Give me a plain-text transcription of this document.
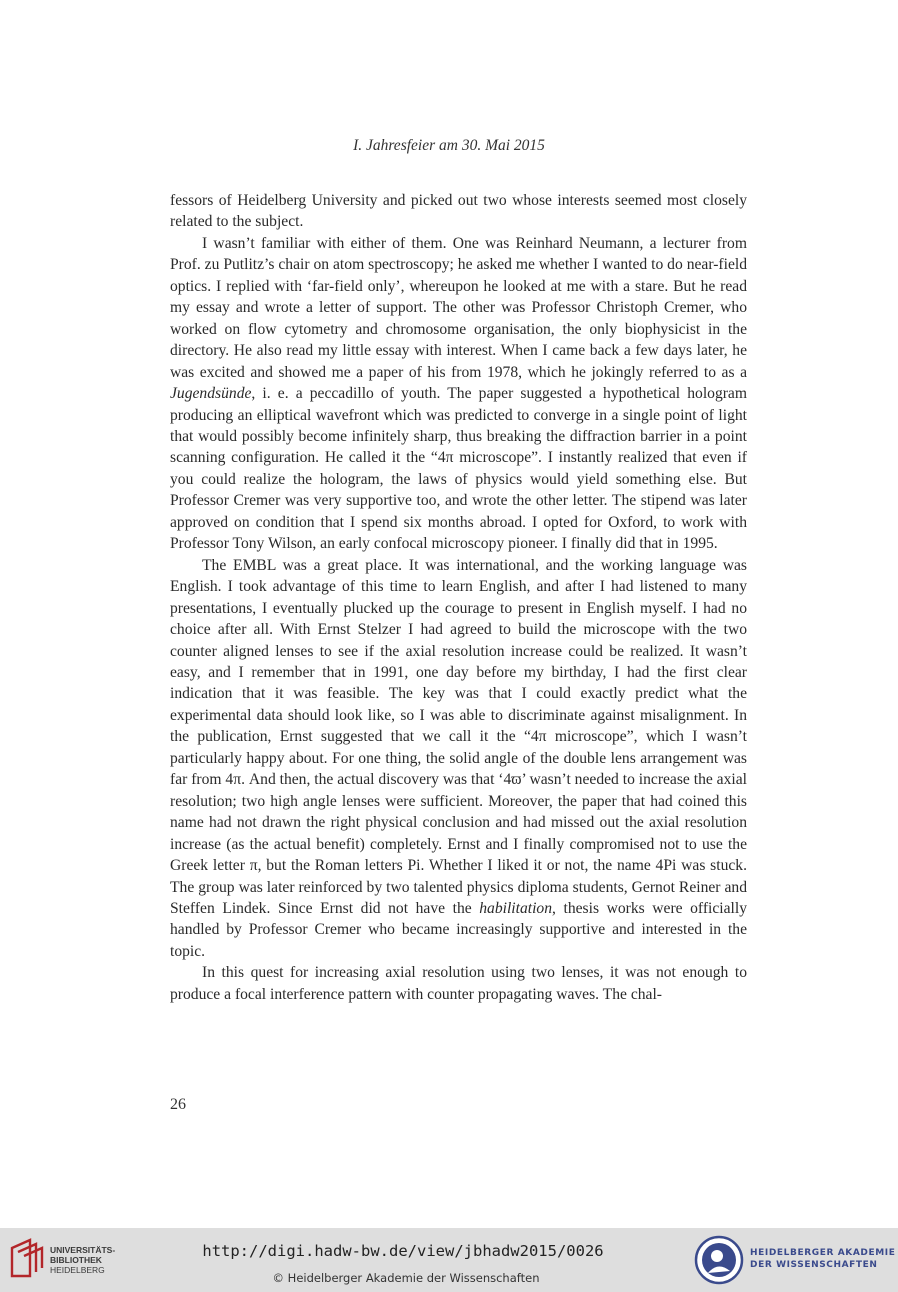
I. Jahresfeier am 30. Mai 2015

fessors of Heidelberg University and picked out two whose interests seemed most closely related to the subject.

I wasn’t familiar with either of them. One was Reinhard Neumann, a lecturer from Prof. zu Putlitz’s chair on atom spectroscopy; he asked me whether I wanted to do near-field optics. I replied with ‘far-field only’, whereupon he looked at me with a stare. But he read my essay and wrote a letter of support. The other was Professor Christoph Cremer, who worked on flow cytometry and chromosome organisation, the only biophysicist in the directory. He also read my little essay with interest. When I came back a few days later, he was excited and showed me a paper of his from 1978, which he jokingly referred to as a Jugendsünde, i. e. a peccadillo of youth. The paper suggested a hypothetical hologram producing an elliptical wavefront which was predicted to converge in a single point of light that would possibly become infinitely sharp, thus breaking the diffraction barrier in a point scanning configuration. He called it the “4π microscope”. I instantly realized that even if you could realize the hologram, the laws of physics would yield something else. But Professor Cremer was very supportive too, and wrote the other letter. The stipend was later approved on condition that I spend six months abroad. I opted for Oxford, to work with Professor Tony Wilson, an early confocal microscopy pioneer. I finally did that in 1995.

The EMBL was a great place. It was international, and the working language was English. I took advantage of this time to learn English, and after I had listened to many presentations, I eventually plucked up the courage to present in English myself. I had no choice after all. With Ernst Stelzer I had agreed to build the microscope with the two counter aligned lenses to see if the axial resolution increase could be realized. It wasn’t easy, and I remember that in 1991, one day before my birthday, I had the first clear indication that it was feasible. The key was that I could exactly predict what the experimental data should look like, so I was able to discriminate against misalignment. In the publication, Ernst suggested that we call it the “4π microscope”, which I wasn’t particularly happy about. For one thing, the solid angle of the double lens arrangement was far from 4π. And then, the actual discovery was that ‘4ϖ’ wasn’t needed to increase the axial resolution; two high angle lenses were sufficient. Moreover, the paper that had coined this name had not drawn the right physical conclusion and had missed out the axial resolution increase (as the actual benefit) completely. Ernst and I finally compromised not to use the Greek letter π, but the Roman letters Pi. Whether I liked it or not, the name 4Pi was stuck. The group was later reinforced by two talented physics diploma students, Gernot Reiner and Steffen Lindek. Since Ernst did not have the habilitation, thesis works were officially handled by Professor Cremer who became increasingly supportive and interested in the topic.

In this quest for increasing axial resolution using two lenses, it was not enough to produce a focal interference pattern with counter propagating waves. The chal-

26
UNIVERSITÄTS-
BIBLIOTHEK
HEIDELBERG
http://digi.hadw-bw.de/view/jbhadw2015/0026
© Heidelberger Akademie der Wissenschaften
HEIDELBERGER AKADEMIE
DER WISSENSCHAFTEN
